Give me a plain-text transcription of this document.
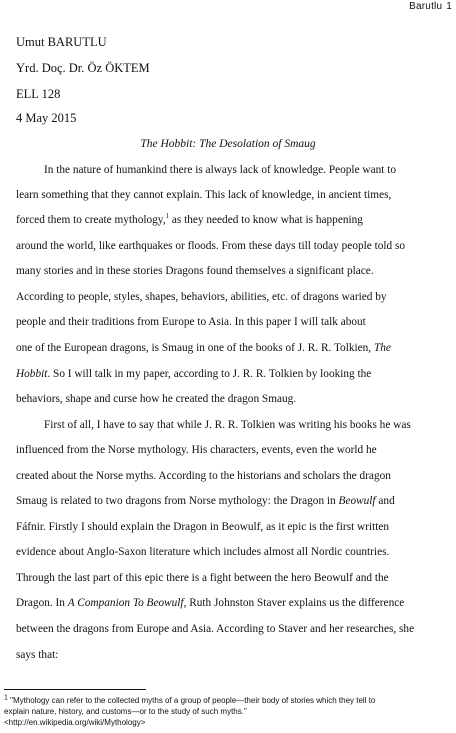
Barutlu 1
Umut BARUTLU
Yrd. Doç. Dr. Öz ÖKTEM
ELL 128
4 May 2015
The Hobbit: The Desolation of Smaug
In the nature of humankind there is always lack of knowledge. People want to
learn something that they cannot explain. This lack of knowledge, in ancient times,
forced them to create mythology,$^1$ as they needed to know what is happening
around the world, like earthquakes or floods. From these days till today people told so
many stories and in these stories Dragons found themselves a significant place.
According to people, styles, shapes, behaviors, abilities, etc. of dragons waried by
people and their traditions from Europe to Asia. In this paper I will talk about
one of the European dragons, is Smaug in one of the books of J. R. R. Tolkien, The
Hobbit. So I will talk in my paper, according to J. R. R. Tolkien by looking the
behaviors, shape and curse how he created the dragon Smaug.
First of all, I have to say that while J. R. R. Tolkien was writing his books he was
influenced from the Norse mythology. His characters, events, even the world he
created about the Norse myths. According to the historians and scholars the dragon
Smaug is related to two dragons from Norse mythology: the Dragon in Beowulf and
Fáfnir. Firstly I should explain the Dragon in Beowulf, as it epic is the first written
evidence about Anglo-Saxon literature which includes almost all Nordic countries.
Through the last part of this epic there is a fight between the hero Beowulf and the
Dragon. In A Companion To Beowulf, Ruth Johnston Staver explains us the difference
between the dragons from Europe and Asia. According to Staver and her researches, she
says that:
$^1$ "Mythology can refer to the collected myths of a group of people—their body of stories which they tell to
explain nature, history, and customs—or to the study of such myths."
<http://en.wikipedia.org/wiki/Mythology>
